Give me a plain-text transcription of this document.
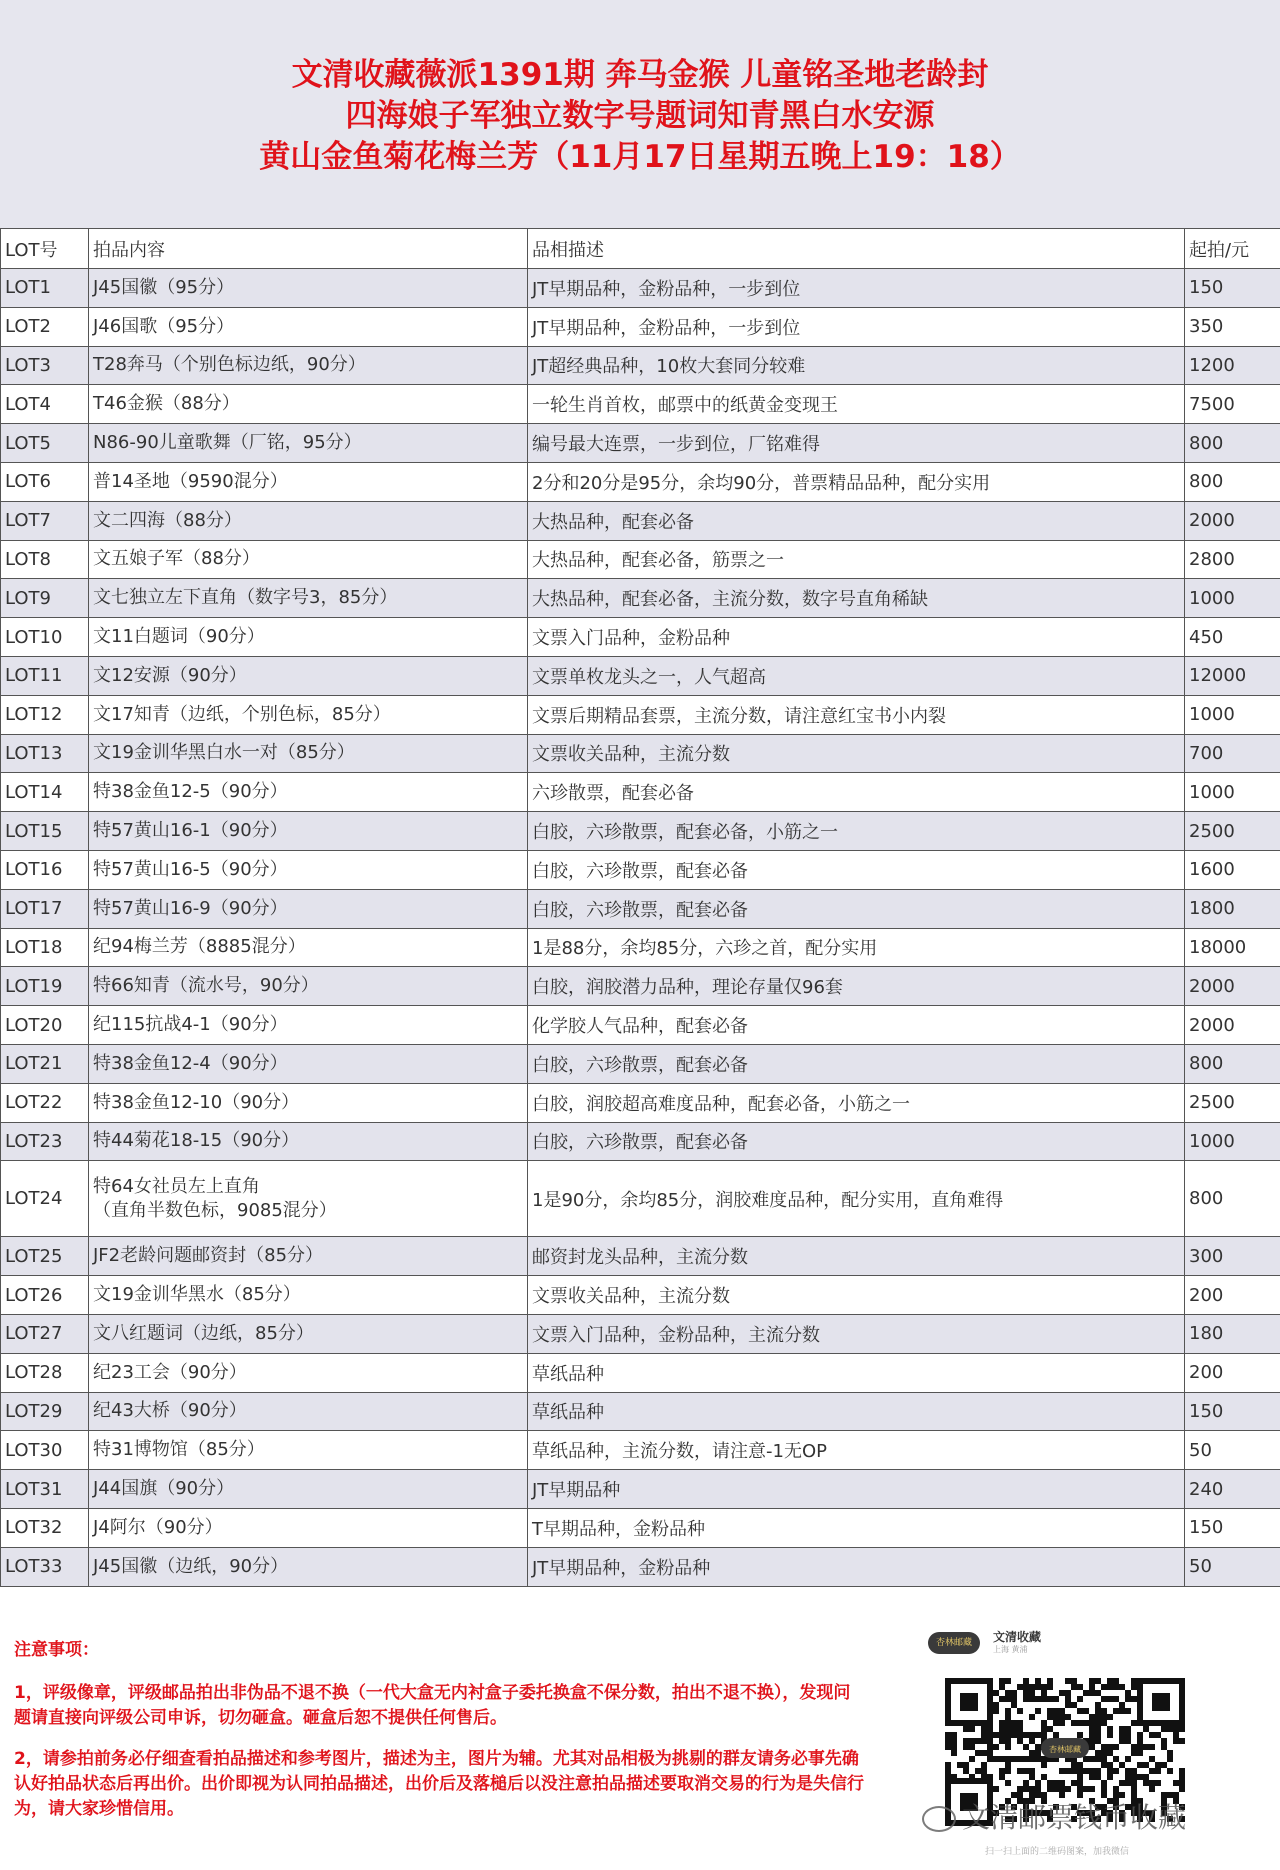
文清收藏薇派1391期 奔马金猴 儿童铭圣地老龄封
四海娘子军独立数字号题词知青黑白水安源
黄山金鱼菊花梅兰芳（11月17日星期五晚上19：18）
LOT号	拍品内容	品相描述	起拍/元
LOT1	J45国徽（95分）	JT早期品种，金粉品种，一步到位	150
LOT2	J46国歌（95分）	JT早期品种，金粉品种，一步到位	350
LOT3	T28奔马（个别色标边纸，90分）	JT超经典品种，10枚大套同分较难	1200
LOT4	T46金猴（88分）	一轮生肖首枚，邮票中的纸黄金变现王	7500
LOT5	N86-90儿童歌舞（厂铭，95分）	编号最大连票，一步到位，厂铭难得	800
LOT6	普14圣地（9590混分）	2分和20分是95分，余均90分，普票精品品种，配分实用	800
LOT7	文二四海（88分）	大热品种，配套必备	2000
LOT8	文五娘子军（88分）	大热品种，配套必备，筋票之一	2800
LOT9	文七独立左下直角（数字号3，85分）	大热品种，配套必备，主流分数，数字号直角稀缺	1000
LOT10	文11白题词（90分）	文票入门品种，金粉品种	450
LOT11	文12安源（90分）	文票单枚龙头之一，人气超高	12000
LOT12	文17知青（边纸，个别色标，85分）	文票后期精品套票，主流分数，请注意红宝书小内裂	1000
LOT13	文19金训华黑白水一对（85分）	文票收关品种，主流分数	700
LOT14	特38金鱼12-5（90分）	六珍散票，配套必备	1000
LOT15	特57黄山16-1（90分）	白胶，六珍散票，配套必备，小筋之一	2500
LOT16	特57黄山16-5（90分）	白胶，六珍散票，配套必备	1600
LOT17	特57黄山16-9（90分）	白胶，六珍散票，配套必备	1800
LOT18	纪94梅兰芳（8885混分）	1是88分，余均85分，六珍之首，配分实用	18000
LOT19	特66知青（流水号，90分）	白胶，润胶潜力品种，理论存量仅96套	2000
LOT20	纪115抗战4-1（90分）	化学胶人气品种，配套必备	2000
LOT21	特38金鱼12-4（90分）	白胶，六珍散票，配套必备	800
LOT22	特38金鱼12-10（90分）	白胶，润胶超高难度品种，配套必备，小筋之一	2500
LOT23	特44菊花18-15（90分）	白胶，六珍散票，配套必备	1000
LOT24	特64女社员左上直角
（直角半数色标，9085混分）	1是90分，余均85分，润胶难度品种，配分实用，直角难得	800
LOT25	JF2老龄问题邮资封（85分）	邮资封龙头品种，主流分数	300
LOT26	文19金训华黑水（85分）	文票收关品种，主流分数	200
LOT27	文八红题词（边纸，85分）	文票入门品种，金粉品种，主流分数	180
LOT28	纪23工会（90分）	草纸品种	200
LOT29	纪43大桥（90分）	草纸品种	150
LOT30	特31博物馆（85分）	草纸品种，主流分数，请注意-1无OP	50
LOT31	J44国旗（90分）	JT早期品种	240
LOT32	J4阿尔（90分）	T早期品种，金粉品种	150
LOT33	J45国徽（边纸，90分）	JT早期品种，金粉品种	50
注意事项：

1，评级像章，评级邮品拍出非伪品不退不换（一代大盒无内衬盒子委托换盒不保分数，拍出不退不换），发现问题请直接向评级公司申诉，切勿砸盒。砸盒后恕不提供任何售后。

2，请参拍前务必仔细查看拍品描述和参考图片，描述为主，图片为辅。尤其对品相极为挑剔的群友请务必事先确认好拍品状态后再出价。出价即视为认同拍品描述，出价后及落槌后以没注意拍品描述要取消交易的行为是失信行为，请大家珍惜信用。

杏林邮藏	文清收藏
上海 黄浦
杏林邮藏
扫一扫上面的二维码图案，加我微信
文清邮票钱币收藏
